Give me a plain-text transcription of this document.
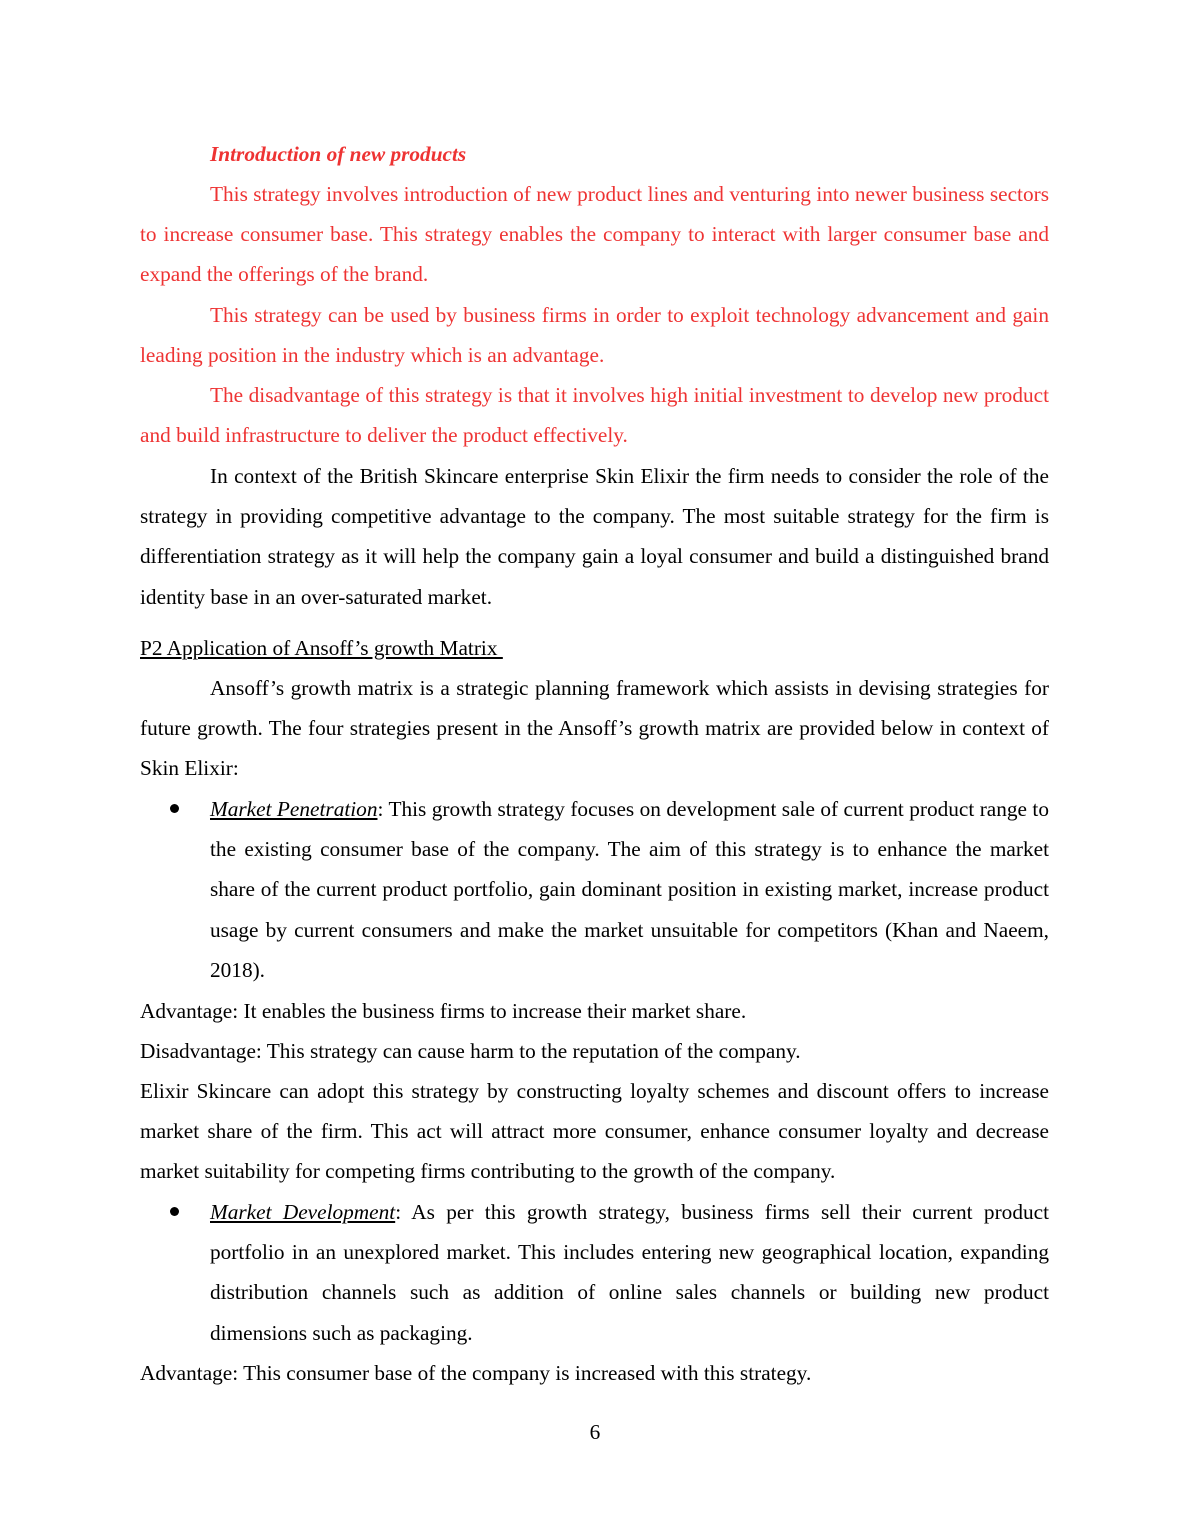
Introduction of new products

This strategy involves introduction of new product lines and venturing into newer business sectors to increase consumer base. This strategy enables the company to interact with larger consumer base and expand the offerings of the brand.

This strategy can be used by business firms in order to exploit technology advancement and gain leading position in the industry which is an advantage.

The disadvantage of this strategy is that it involves high initial investment to develop new product and build infrastructure to deliver the product effectively.

In context of the British Skincare enterprise Skin Elixir the firm needs to consider the role of the strategy in providing competitive advantage to the company. The most suitable strategy for the firm is differentiation strategy as it will help the company gain a loyal consumer and build a distinguished brand identity base in an over-saturated market.

P2 Application of Ansoff’s growth Matrix

Ansoff’s growth matrix is a strategic planning framework which assists in devising strategies for future growth. The four strategies present in the Ansoff’s growth matrix are provided below in context of Skin Elixir:

Market Penetration: This growth strategy focuses on development sale of current product range to the existing consumer base of the company. The aim of this strategy is to enhance the market share of the current product portfolio, gain dominant position in existing market, increase product usage by current consumers and make the market unsuitable for competitors (Khan and Naeem, 2018).

Advantage: It enables the business firms to increase their market share.
Disadvantage: This strategy can cause harm to the reputation of the company.

Elixir Skincare can adopt this strategy by constructing loyalty schemes and discount offers to increase market share of the firm. This act will attract more consumer, enhance consumer loyalty and decrease market suitability for competing firms contributing to the growth of the company.

Market Development: As per this growth strategy, business firms sell their current product portfolio in an unexplored market. This includes entering new geographical location, expanding distribution channels such as addition of online sales channels or building new product dimensions such as packaging.

Advantage: This consumer base of the company is increased with this strategy.
6
